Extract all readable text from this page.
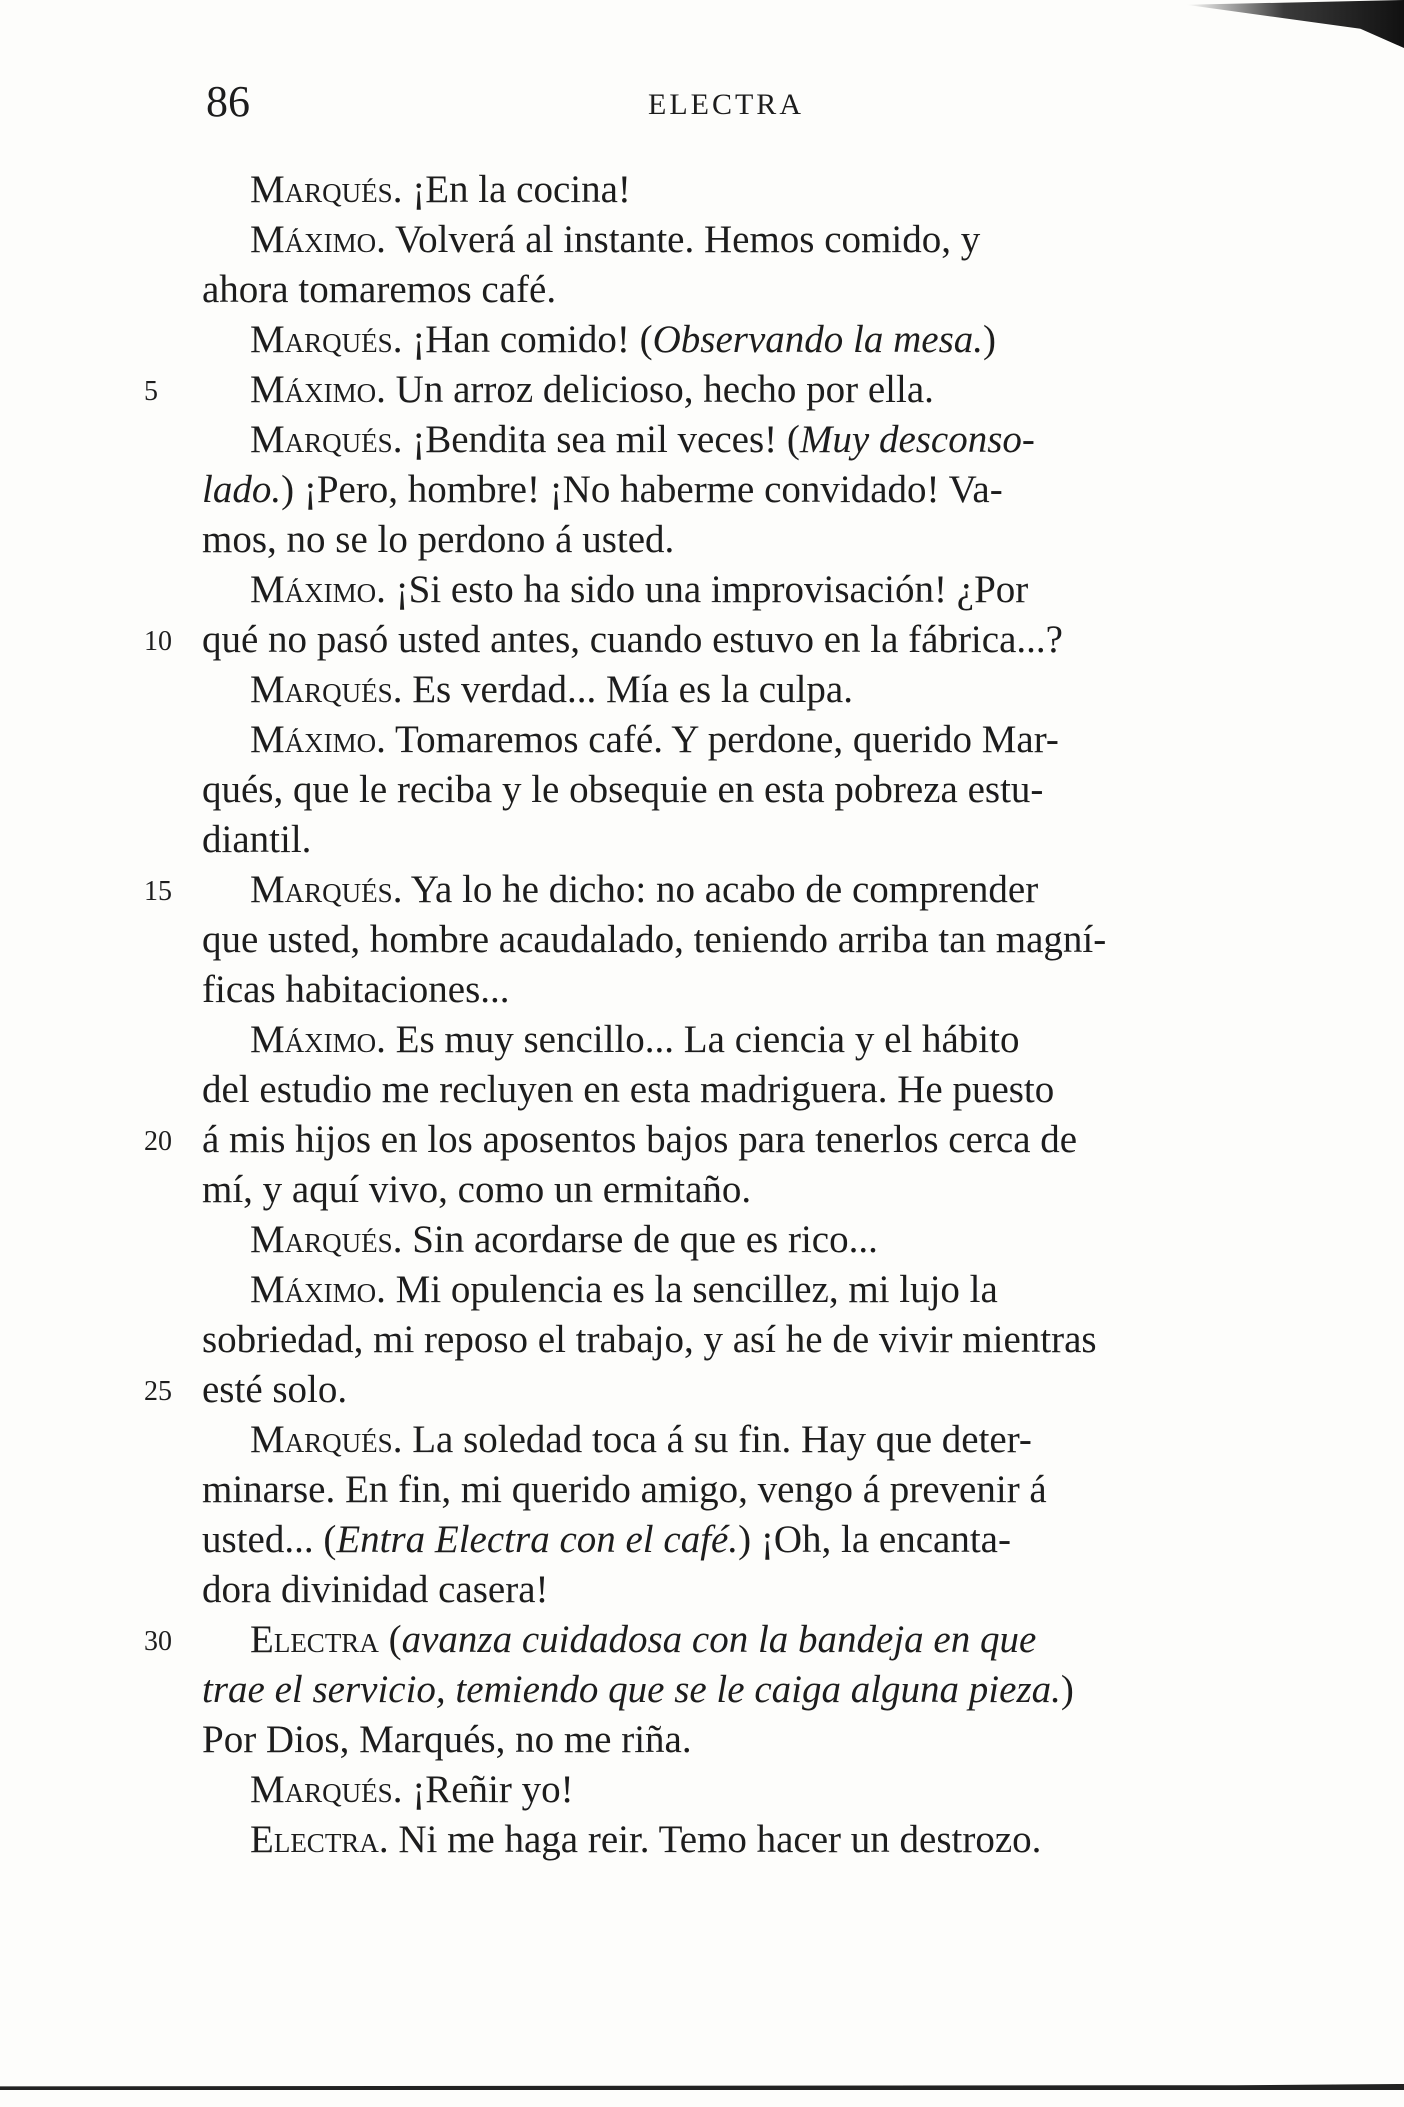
86	ELECTRA
Marqués. ¡En la cocina!
Máximo. Volverá al instante. Hemos comido, y
ahora tomaremos café.
Marqués. ¡Han comido! (Observando la mesa.)
Máximo. Un arroz delicioso, hecho por ella.
Marqués. ¡Bendita sea mil veces! (Muy desconso-
lado.) ¡Pero, hombre! ¡No haberme convidado! Va-
mos, no se lo perdono á usted.
Máximo. ¡Si esto ha sido una improvisación! ¿Por
qué no pasó usted antes, cuando estuvo en la fábrica...?
Marqués. Es verdad... Mía es la culpa.
Máximo. Tomaremos café. Y perdone, querido Mar-
qués, que le reciba y le obsequie en esta pobreza estu-
diantil.
Marqués. Ya lo he dicho: no acabo de comprender
que usted, hombre acaudalado, teniendo arriba tan magní-
ficas habitaciones...
Máximo. Es muy sencillo... La ciencia y el hábito
del estudio me recluyen en esta madriguera. He puesto
á mis hijos en los aposentos bajos para tenerlos cerca de
mí, y aquí vivo, como un ermitaño.
Marqués. Sin acordarse de que es rico...
Máximo. Mi opulencia es la sencillez, mi lujo la
sobriedad, mi reposo el trabajo, y así he de vivir mientras
esté solo.
Marqués. La soledad toca á su fin. Hay que deter-
minarse. En fin, mi querido amigo, vengo á prevenir á
usted... (Entra Electra con el café.) ¡Oh, la encanta-
dora divinidad casera!
Electra (avanza cuidadosa con la bandeja en que
trae el servicio, temiendo que se le caiga alguna pieza.)
Por Dios, Marqués, no me riña.
Marqués. ¡Reñir yo!
Electra. Ni me haga reir. Temo hacer un destrozo.
5
10
15
20
25
30
